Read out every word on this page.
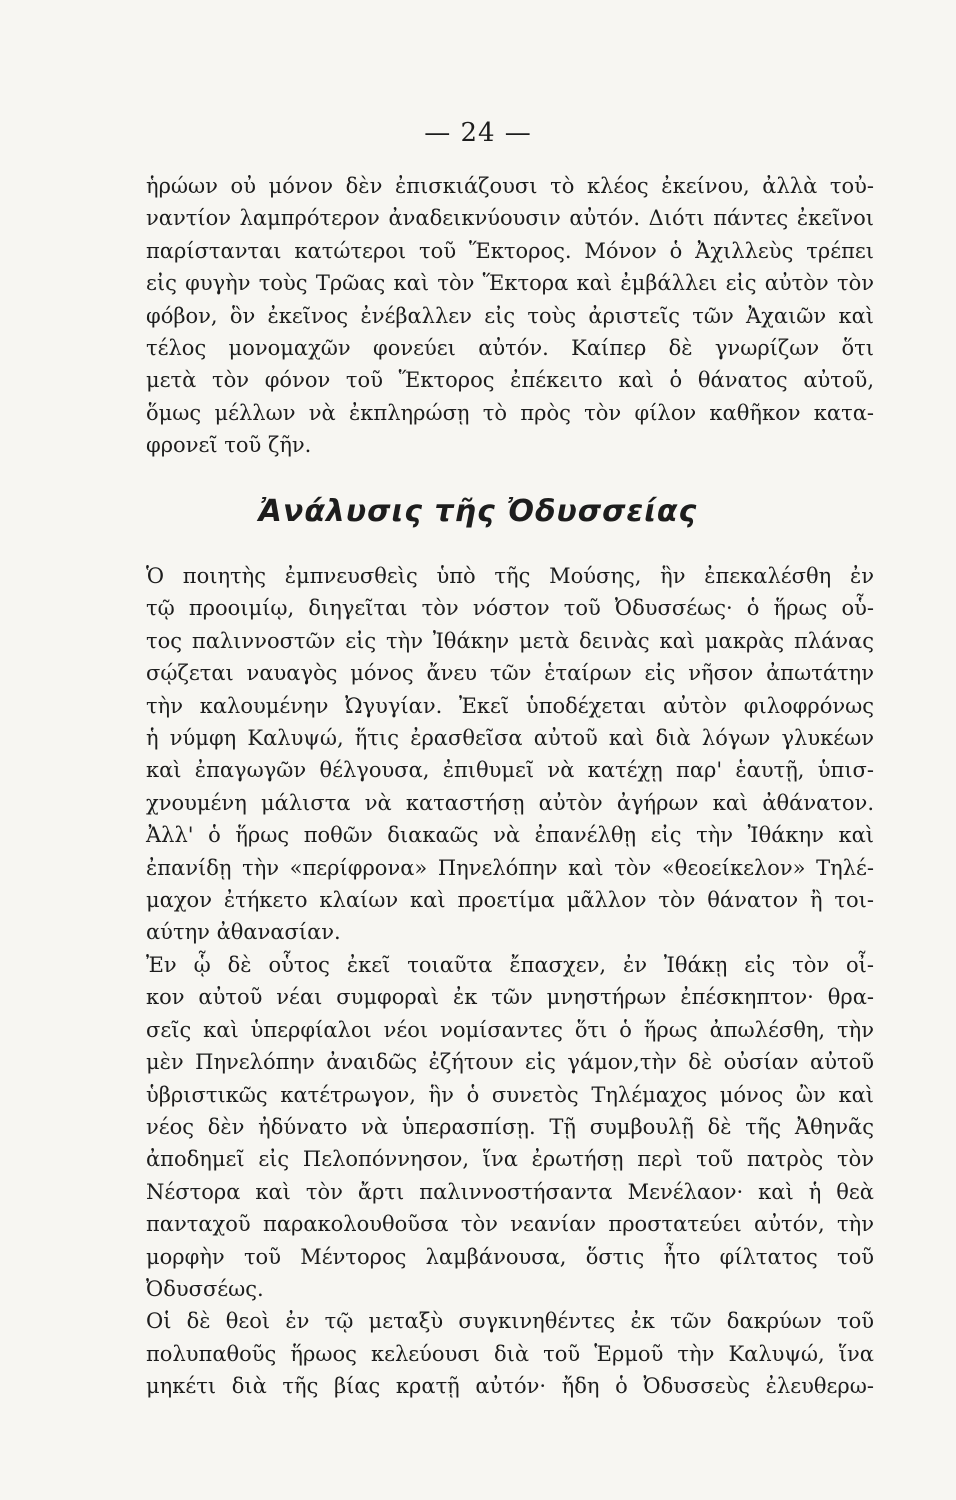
— 24 —
ἡρώων οὐ μόνον δὲν ἐπισκιάζουσι τὸ κλέος ἐκείνου, ἀλλὰ τοὐ-
ναντίον λαμπρότερον ἀναδεικνύουσιν αὐτόν. Διότι πάντες ἐκεῖνοι
παρίστανται κατώτεροι τοῦ Ἕκτορος. Μόνον ὁ Ἀχιλλεὺς τρέπει
εἰς φυγὴν τοὺς Τρῶας καὶ τὸν Ἕκτορα καὶ ἐμβάλλει εἰς αὐτὸν τὸν
φόβον, ὃν ἐκεῖνος ἐνέβαλλεν εἰς τοὺς ἀριστεῖς τῶν Ἀχαιῶν καὶ
τέλος μονομαχῶν φονεύει αὐτόν. Καίπερ δὲ γνωρίζων ὅτι
μετὰ τὸν φόνον τοῦ Ἕκτορος ἐπέκειτο καὶ ὁ θάνατος αὐτοῦ,
ὅμως μέλλων νὰ ἐκπληρώσῃ τὸ πρὸς τὸν φίλον καθῆκον κατα-
φρονεῖ τοῦ ζῆν.
Ἀνάλυσις τῆς Ὀδυσσείας
Ὁ ποιητὴς ἐμπνευσθεὶς ὑπὸ τῆς Μούσης, ἣν ἐπεκαλέσθη ἐν
τῷ προοιμίῳ, διηγεῖται τὸν νόστον τοῦ Ὀδυσσέως· ὁ ἥρως οὗ-
τος παλιννοστῶν εἰς τὴν Ἰθάκην μετὰ δεινὰς καὶ μακρὰς πλάνας
σῴζεται ναυαγὸς μόνος ἄνευ τῶν ἑταίρων εἰς νῆσον ἀπωτάτην
τὴν καλουμένην Ὠγυγίαν. Ἐκεῖ ὑποδέχεται αὐτὸν φιλοφρόνως
ἡ νύμφη Καλυψώ, ἥτις ἐρασθεῖσα αὐτοῦ καὶ διὰ λόγων γλυκέων
καὶ ἐπαγωγῶν θέλγουσα, ἐπιθυμεῖ νὰ κατέχῃ παρ' ἑαυτῇ, ὑπισ-
χνουμένη μάλιστα νὰ καταστήσῃ αὐτὸν ἀγήρων καὶ ἀθάνατον.
Ἀλλ' ὁ ἥρως ποθῶν διακαῶς νὰ ἐπανέλθῃ εἰς τὴν Ἰθάκην καὶ
ἐπανίδῃ τὴν «περίφρονα» Πηνελόπην καὶ τὸν «θεοείκελον» Τηλέ-
μαχον ἐτήκετο κλαίων καὶ προετίμα μᾶλλον τὸν θάνατον ἢ τοι-
αύτην ἀθανασίαν.
Ἐν ᾧ δὲ οὗτος ἐκεῖ τοιαῦτα ἔπασχεν, ἐν Ἰθάκῃ εἰς τὸν οἶ-
κον αὐτοῦ νέαι συμφοραὶ ἐκ τῶν μνηστήρων ἐπέσκηπτον· θρα-
σεῖς καὶ ὑπερφίαλοι νέοι νομίσαντες ὅτι ὁ ἥρως ἀπωλέσθη, τὴν
μὲν Πηνελόπην ἀναιδῶς ἐζήτουν εἰς γάμον,τὴν δὲ οὐσίαν αὐτοῦ
ὑβριστικῶς κατέτρωγον, ἣν ὁ συνετὸς Τηλέμαχος μόνος ὢν καὶ
νέος δὲν ἠδύνατο νὰ ὑπερασπίσῃ. Τῇ συμβουλῇ δὲ τῆς Ἀθηνᾶς
ἀποδημεῖ εἰς Πελοπόννησον, ἵνα ἐρωτήσῃ περὶ τοῦ πατρὸς τὸν
Νέστορα καὶ τὸν ἄρτι παλιννοστήσαντα Μενέλαον· καὶ ἡ θεὰ
πανταχοῦ παρακολουθοῦσα τὸν νεανίαν προστατεύει αὐτόν, τὴν
μορφὴν τοῦ Μέντορος λαμβάνουσα, ὅστις ἦτο φίλτατος τοῦ
Ὀδυσσέως.
Οἱ δὲ θεοὶ ἐν τῷ μεταξὺ συγκινηθέντες ἐκ τῶν δακρύων τοῦ
πολυπαθοῦς ἥρωος κελεύουσι διὰ τοῦ Ἑρμοῦ τὴν Καλυψώ, ἵνα
μηκέτι διὰ τῆς βίας κρατῇ αὐτόν· ἤδη ὁ Ὀδυσσεὺς ἐλευθερω-
